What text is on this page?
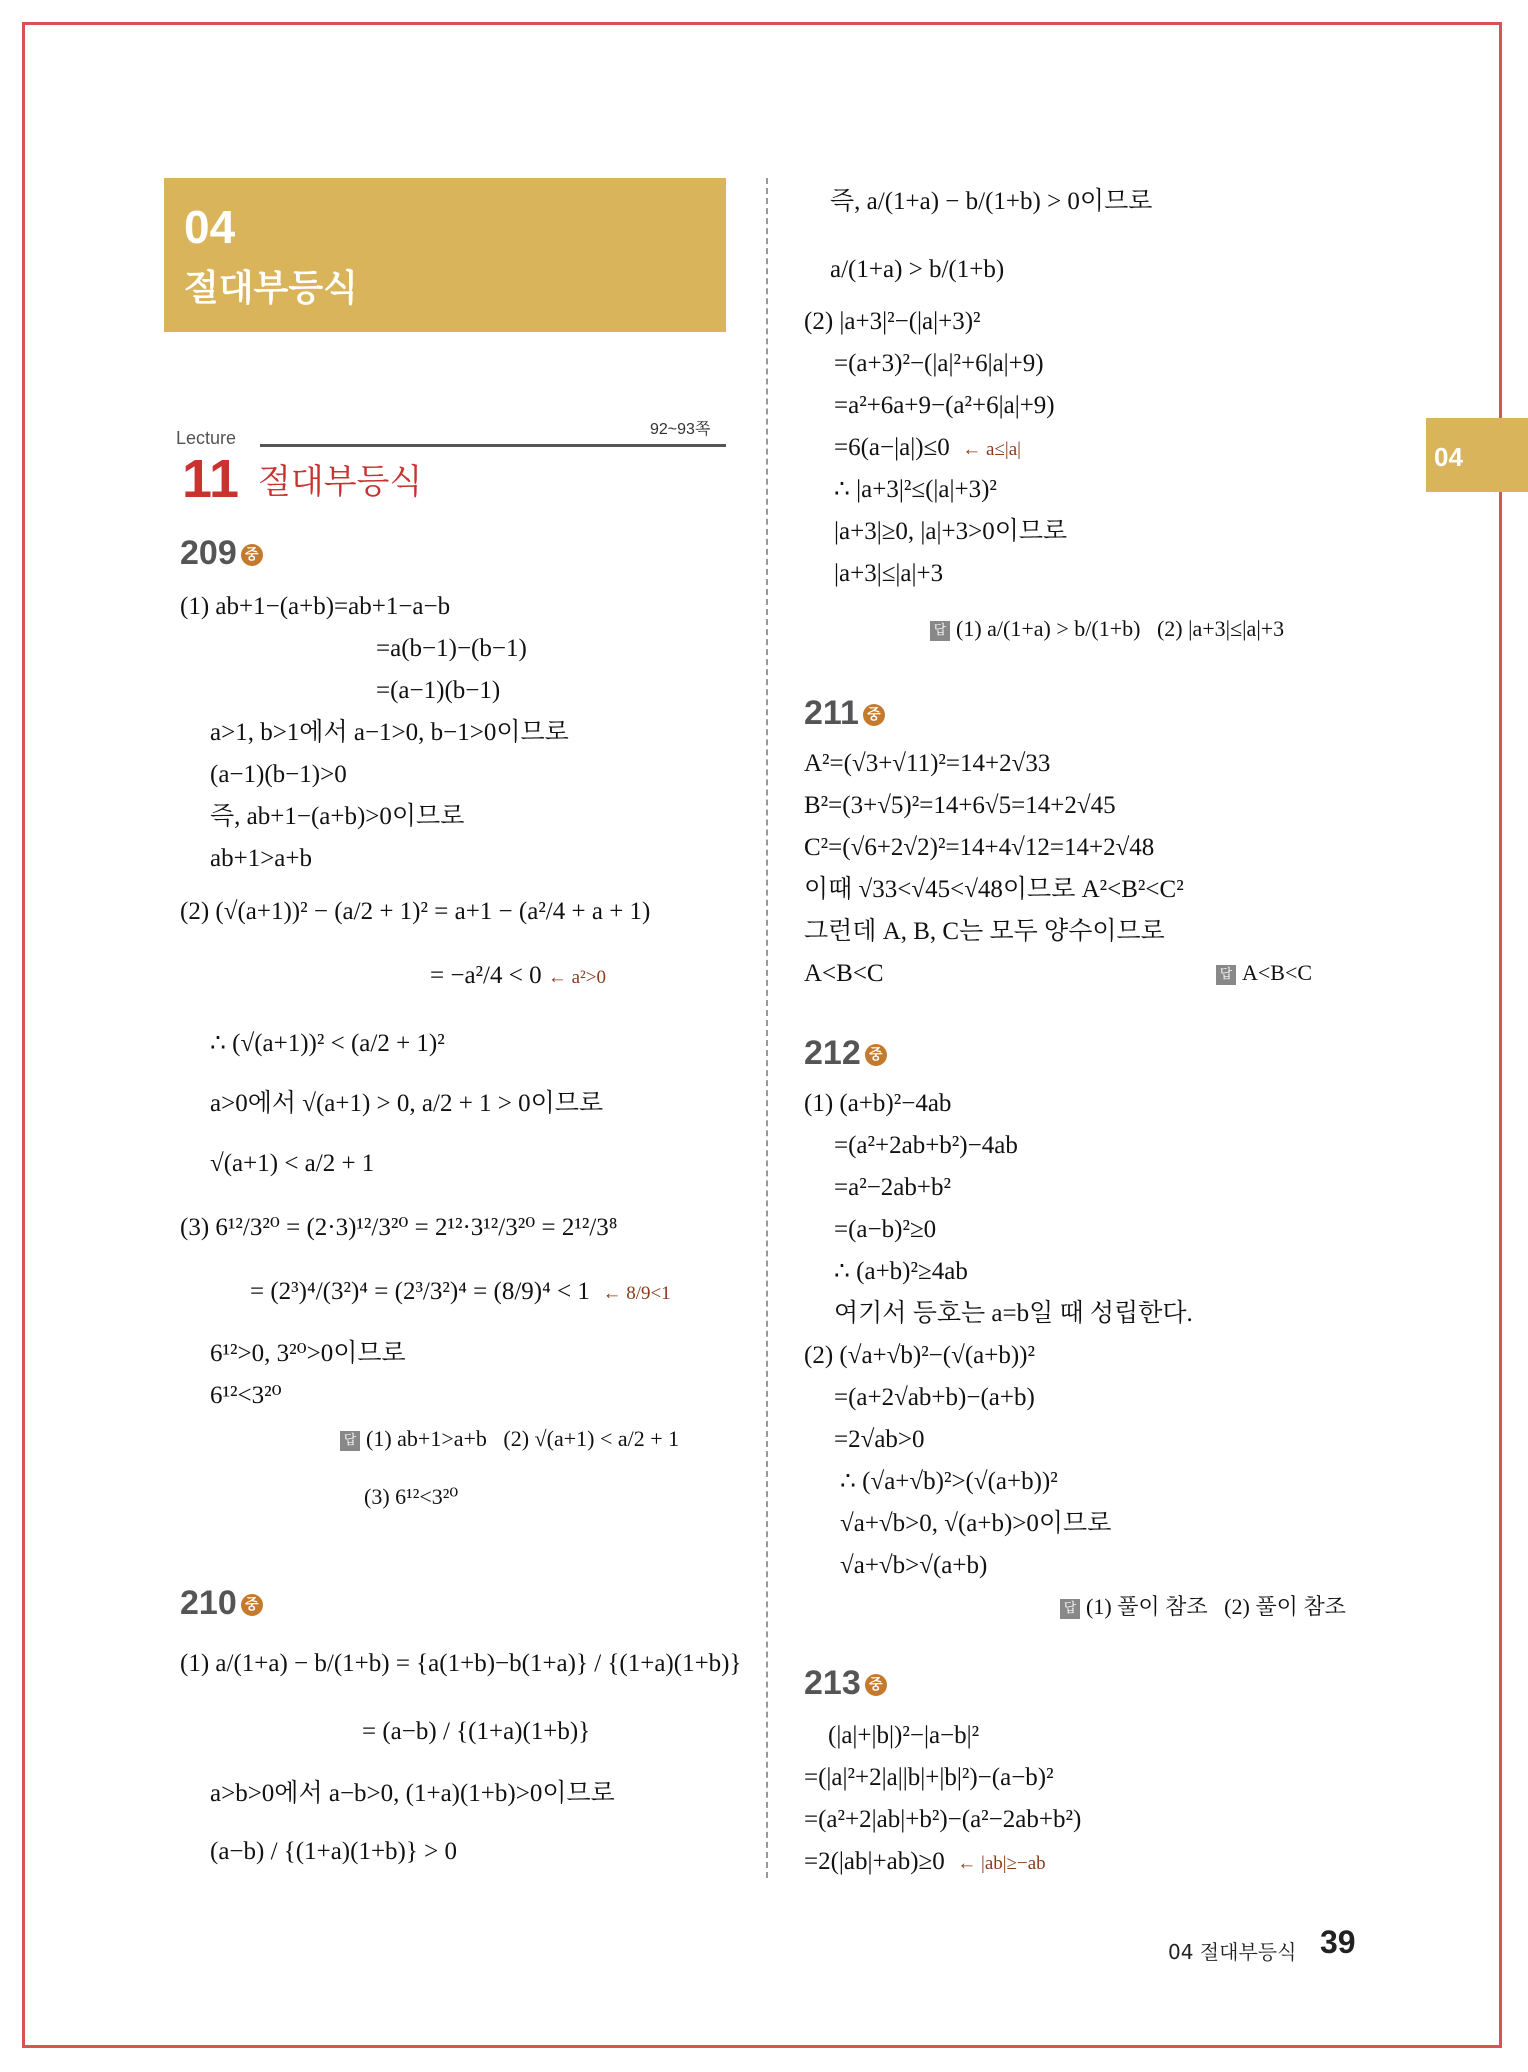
04
절대부등식
Lecture	92~93쪽
11 절대부등식
04
209 중
(1) ab+1−(a+b)=ab+1−a−b
=a(b−1)−(b−1)
=(a−1)(b−1)
a>1, b>1에서 a−1>0, b−1>0이므로
(a−1)(b−1)>0
즉, ab+1−(a+b)>0이므로
ab+1>a+b
(2) (√(a+1))² − (a/2 + 1)² = a+1 − (a²/4 + a + 1)
= −a²/4 < 0 ← a²>0
∴ (√(a+1))² < (a/2 + 1)²
a>0에서 √(a+1) > 0, a/2 + 1 > 0이므로
√(a+1) < a/2 + 1
(3) 6¹²/3²⁰ = (2·3)¹²/3²⁰ = 2¹²·3¹²/3²⁰ = 2¹²/3⁸
= (2³)⁴/(3²)⁴ = (2³/3²)⁴ = (8/9)⁴ < 1 ← 8/9<1
6¹²>0, 3²⁰>0이므로
6¹²<3²⁰
답 (1) ab+1>a+b (2) √(a+1) < a/2 + 1
(3) 6¹²<3²⁰
210 중
(1) a/(1+a) − b/(1+b) = {a(1+b)−b(1+a)} / {(1+a)(1+b)}
= (a−b) / {(1+a)(1+b)}
a>b>0에서 a−b>0, (1+a)(1+b)>0이므로
(a−b) / {(1+a)(1+b)} > 0
즉, a/(1+a) − b/(1+b) > 0이므로
a/(1+a) > b/(1+b)
(2) |a+3|²−(|a|+3)²
=(a+3)²−(|a|²+6|a|+9)
=a²+6a+9−(a²+6|a|+9)
=6(a−|a|)≤0 ← a≤|a|
∴ |a+3|²≤(|a|+3)²
|a+3|≥0, |a|+3>0이므로
|a+3|≤|a|+3
답 (1) a/(1+a) > b/(1+b) (2) |a+3|≤|a|+3
211 중
A²=(√3+√11)²=14+2√33
B²=(3+√5)²=14+6√5=14+2√45
C²=(√6+2√2)²=14+4√12=14+2√48
이때 √33<√45<√48이므로 A²<B²<C²
그런데 A, B, C는 모두 양수이므로
A<B<C	답 A<B<C
212 중
(1) (a+b)²−4ab
=(a²+2ab+b²)−4ab
=a²−2ab+b²
=(a−b)²≥0
∴ (a+b)²≥4ab
여기서 등호는 a=b일 때 성립한다.
(2) (√a+√b)²−(√(a+b))²
=(a+2√ab+b)−(a+b)
=2√ab>0
∴ (√a+√b)²>(√(a+b))²
√a+√b>0, √(a+b)>0이므로
√a+√b>√(a+b)
답 (1) 풀이 참조 (2) 풀이 참조
213 중
(|a|+|b|)²−|a−b|²
=(|a|²+2|a||b|+|b|²)−(a−b)²
=(a²+2|ab|+b²)−(a²−2ab+b²)
=2(|ab|+ab)≥0 ← |ab|≥−ab
04 절대부등식 39
